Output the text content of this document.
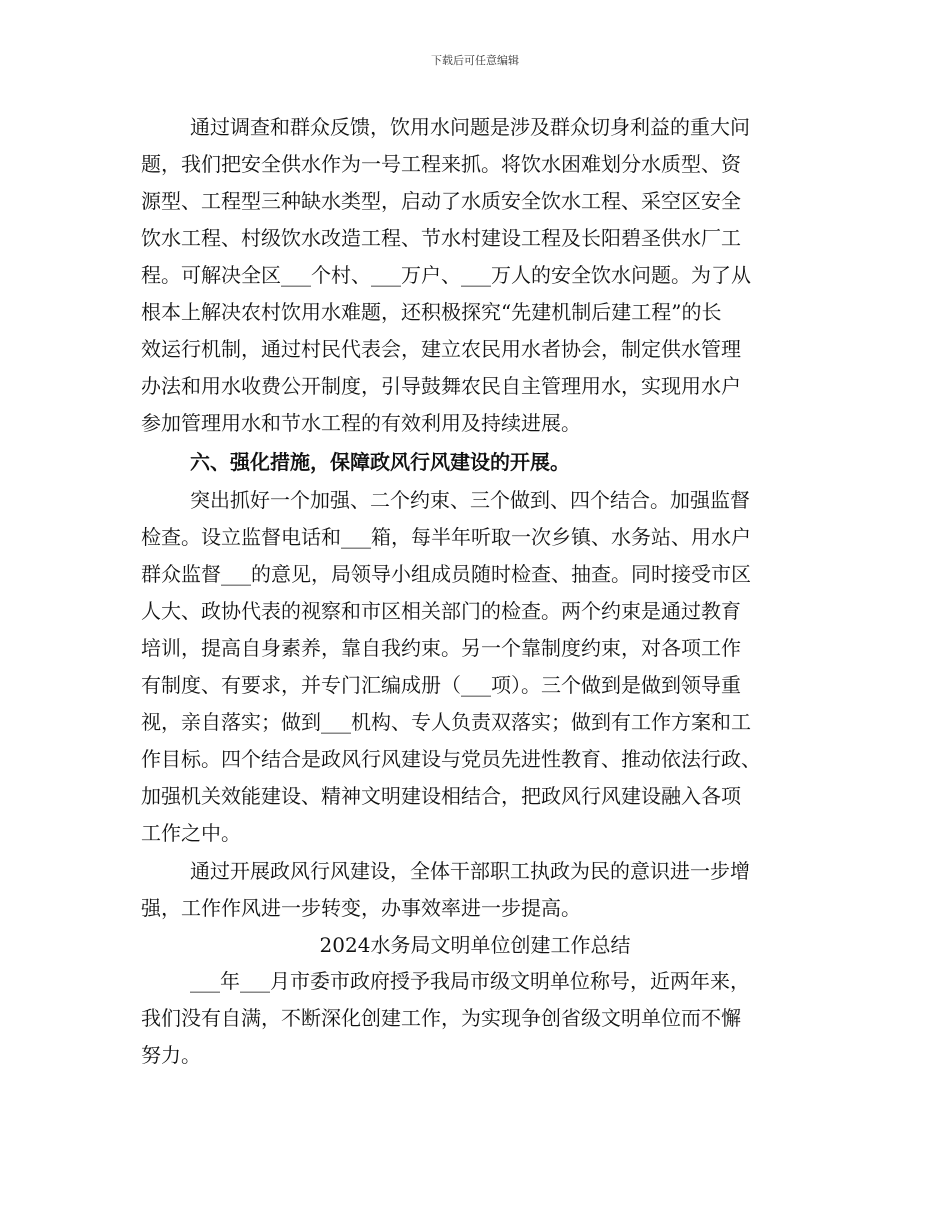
下载后可任意编辑
通过调查和群众反馈，饮用水问题是涉及群众切身利益的重大问
题，我们把安全供水作为一号工程来抓。将饮水困难划分水质型、资
源型、工程型三种缺水类型，启动了水质安全饮水工程、采空区安全
饮水工程、村级饮水改造工程、节水村建设工程及长阳碧圣供水厂工
程。可解决全区___个村、___万户、___万人的安全饮水问题。为了从
根本上解决农村饮用水难题，还积极探究“先建机制后建工程”的长
效运行机制，通过村民代表会，建立农民用水者协会，制定供水管理
办法和用水收费公开制度，引导鼓舞农民自主管理用水，实现用水户
参加管理用水和节水工程的有效利用及持续进展。
六、强化措施，保障政风行风建设的开展。
突出抓好一个加强、二个约束、三个做到、四个结合。加强监督
检查。设立监督电话和___箱，每半年听取一次乡镇、水务站、用水户
群众监督___的意见，局领导小组成员随时检查、抽查。同时接受市区
人大、政协代表的视察和市区相关部门的检查。两个约束是通过教育
培训，提高自身素养，靠自我约束。另一个靠制度约束，对各项工作
有制度、有要求，并专门汇编成册（___项）。三个做到是做到领导重
视，亲自落实；做到___机构、专人负责双落实；做到有工作方案和工
作目标。四个结合是政风行风建设与党员先进性教育、推动依法行政、
加强机关效能建设、精神文明建设相结合，把政风行风建设融入各项
工作之中。
通过开展政风行风建设，全体干部职工执政为民的意识进一步增
强，工作作风进一步转变，办事效率进一步提高。
2024水务局文明单位创建工作总结
___年___月市委市政府授予我局市级文明单位称号，近两年来，
我们没有自满，不断深化创建工作，为实现争创省级文明单位而不懈
努力。
